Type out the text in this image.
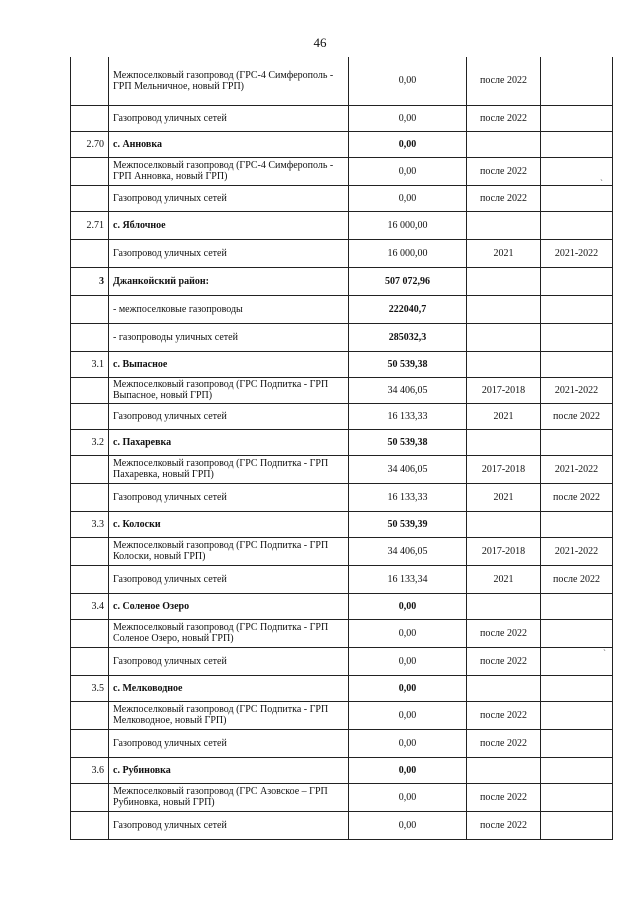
46
	Межпоселковый газопровод (ГРС-4 Симферополь - ГРП Мельничное, новый ГРП)	0,00	после 2022	
	Газопровод уличных сетей	0,00	после 2022	
2.70	с. Анновка	0,00		
	Межпоселковый газопровод (ГРС-4 Симферополь - ГРП Анновка, новый ГРП)	0,00	после 2022	
	Газопровод уличных сетей	0,00	после 2022	
2.71	с. Яблочное	16 000,00		
	Газопровод уличных сетей	16 000,00	2021	2021-2022
3	Джанкойский район:	507 072,96		
	- межпоселковые газопроводы	222040,7		
	- газопроводы уличных сетей	285032,3		
3.1	с. Выпасное	50 539,38		
	Межпоселковый газопровод (ГРС Подпитка - ГРП Выпасное, новый ГРП)	34 406,05	2017-2018	2021-2022
	Газопровод уличных сетей	16 133,33	2021	после 2022
3.2	с. Пахаревка	50 539,38		
	Межпоселковый газопровод (ГРС Подпитка - ГРП Пахаревка, новый ГРП)	34 406,05	2017-2018	2021-2022
	Газопровод уличных сетей	16 133,33	2021	после 2022
3.3	с. Колоски	50 539,39		
	Межпоселковый газопровод (ГРС Подпитка - ГРП Колоски, новый ГРП)	34 406,05	2017-2018	2021-2022
	Газопровод уличных сетей	16 133,34	2021	после 2022
3.4	с. Соленое Озеро	0,00		
	Межпоселковый газопровод (ГРС Подпитка - ГРП Соленое Озеро, новый ГРП)	0,00	после 2022	
	Газопровод уличных сетей	0,00	после 2022	
3.5	с. Мелководное	0,00		
	Межпоселковый газопровод (ГРС Подпитка - ГРП Мелководное, новый ГРП)	0,00	после 2022	
	Газопровод уличных сетей	0,00	после 2022	
3.6	с. Рубиновка	0,00		
	Межпоселковый газопровод (ГРС Азовское – ГРП Рубиновка, новый ГРП)	0,00	после 2022	
	Газопровод уличных сетей	0,00	после 2022	
`
`
